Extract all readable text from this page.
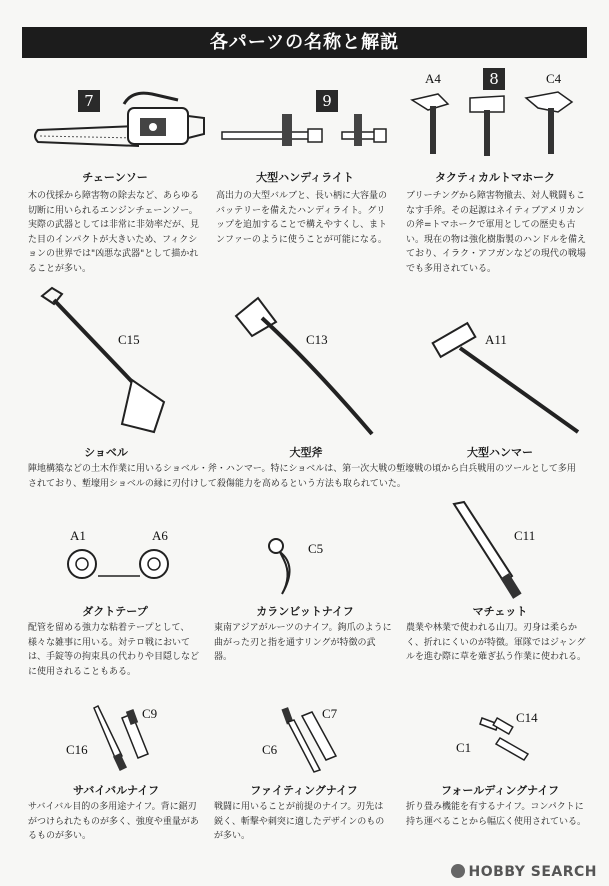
各パーツの名称と解説
7	9
A4	8	C4
チェーンソー	大型ハンディライト	タクティカルトマホーク
木の伐採から障害物の除去など、あらゆる切断に用いられるエンジンチェーンソー。実際の武器としては非常に非効率だが、見た目のインパクトが大きいため、フィクションの世界では"凶悪な武器"として描かれることが多い。
高出力の大型バルブと、長い柄に大容量のバッテリーを備えたハンディライト。グリップを追加することで構えやすくし、まトンファーのように使うことが可能になる。
ブリーチングから障害物撤去、対人戦闘もこなす手斧。その起源はネイティブアメリカンの斧=トマホークで軍用としての歴史も古い。現在の物は強化樹脂製のハンドルを備えており、イラク・アフガンなどの現代の戦場でも多用されている。
C15	C13	A11
ショベル	大型斧	大型ハンマー
陣地構築などの土木作業に用いるショベル・斧・ハンマー。特にショベルは、第一次大戦の塹壕戦の頃から白兵戦用のツールとして多用されており、塹壕用ショベルの縁に刃付けして殺傷能力を高めるという方法も取られていた。
A1	A6
C5
C11
ダクトテープ	カランビットナイフ	マチェット
配管を留める強力な粘着テープとして、様々な雑事に用いる。対テロ戦においては、手錠等の拘束具の代わりや目隠しなどに使用されることもある。
東南アジアがルーツのナイフ。鉤爪のように曲がった刃と指を通すリングが特徴の武器。
農業や林業で使われる山刀。刃身は柔らかく、折れにくいのが特徴。軍隊ではジャングルを進む際に草を薙ぎ払う作業に使われる。
C9
C16
C7
C6
C14
C1
サバイバルナイフ	ファイティングナイフ	フォールディングナイフ
サバイバル目的の多用途ナイフ。背に鋸刃がつけられたものが多く、強度や重量があるものが多い。
戦闘に用いることが前提のナイフ。刃先は鋭く、斬撃や刺突に適したデザインのものが多い。
折り畳み機能を有するナイフ。コンパクトに持ち運べることから幅広く使用されている。
HOBBY SEARCH
